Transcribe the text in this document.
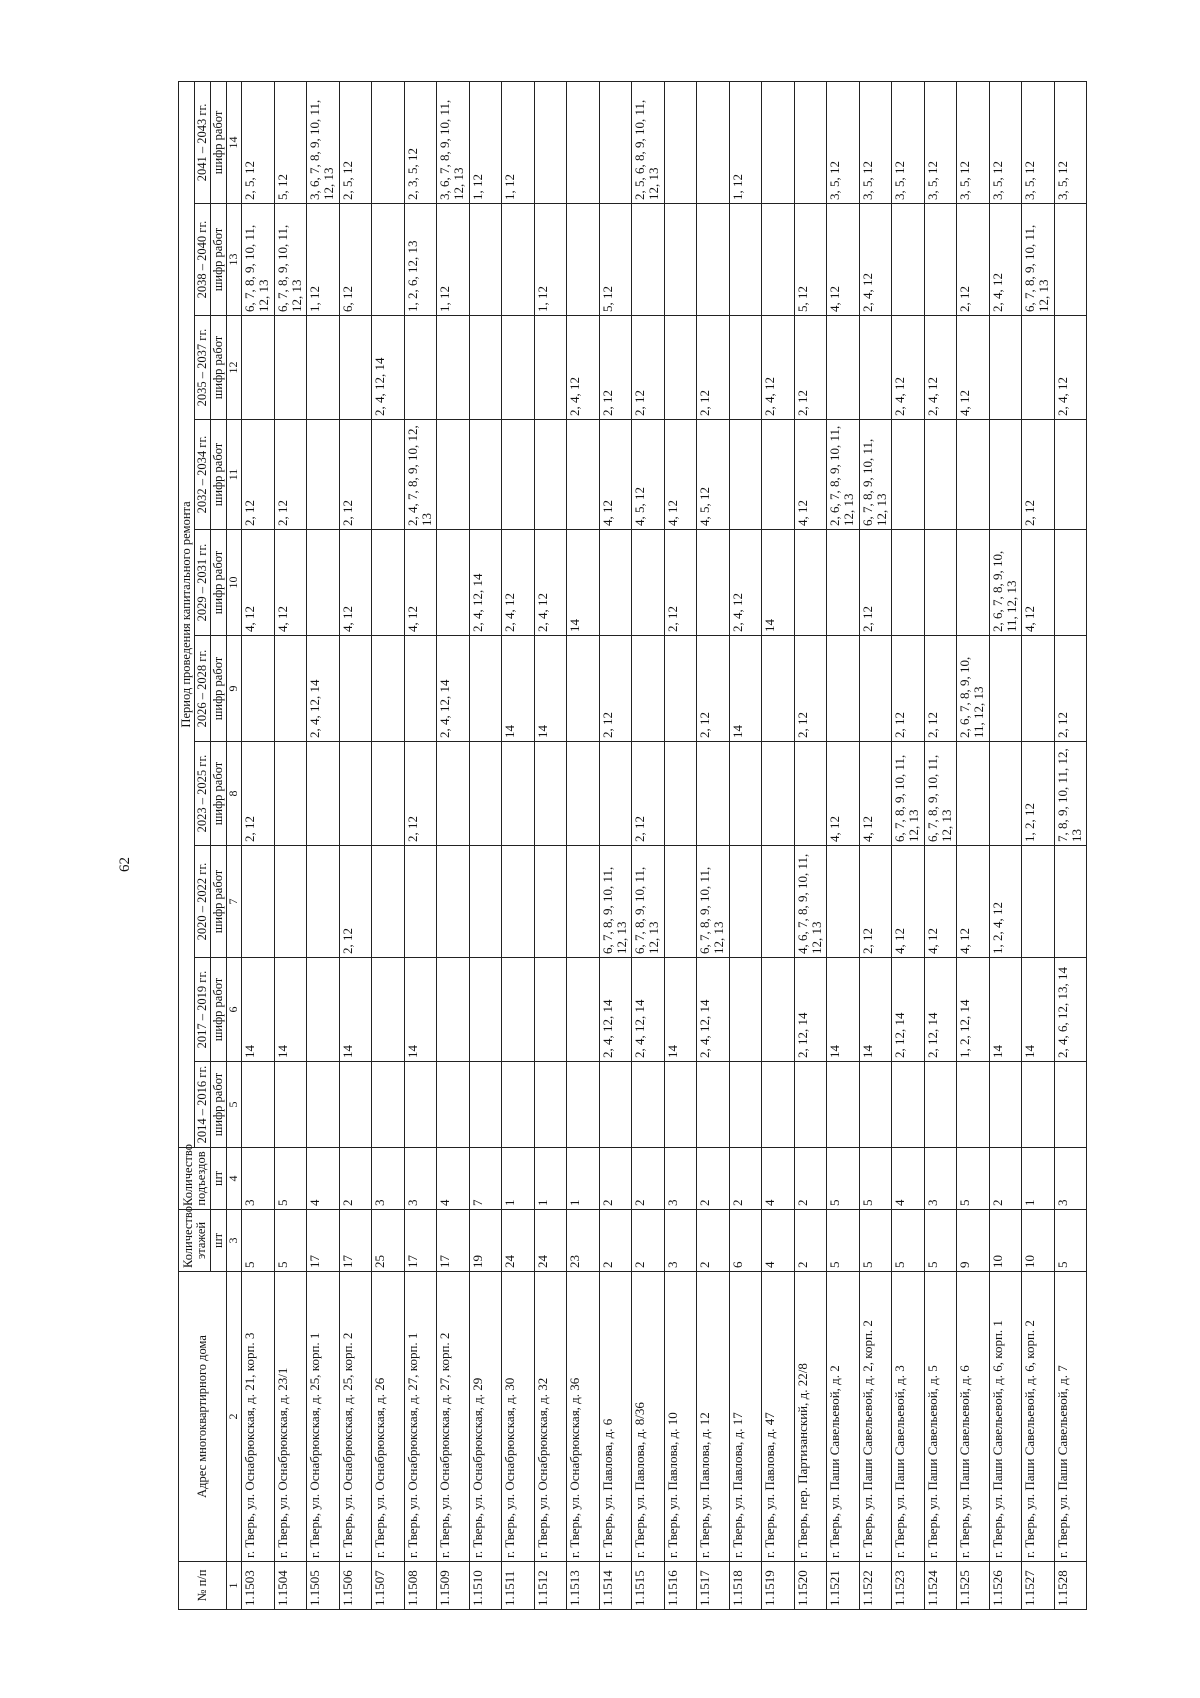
62
№ п/п	Адрес многоквартирного дома	Количество этажей	Количество подъездов	Период проведения капитального ремонта									
				2014 – 2016 гг.	2017 – 2019 гг.	2020 – 2022 гг.	2023 – 2025 гг.	2026 – 2028 гг.	2029 – 2031 гг.	2032 – 2034 гг.	2035 – 2037 гг.	2038 – 2040 гг.	2041 – 2043 гг.
		шт	шт	шифр работ	шифр работ	шифр работ	шифр работ	шифр работ	шифр работ	шифр работ	шифр работ	шифр работ	шифр работ
1	2	3	4	5	6	7	8	9	10	11	12	13	14
1.1503	г. Тверь, ул. Оснабрюкская, д. 21, корп. 3	5	3		14		2, 12		4, 12	2, 12		6, 7, 8, 9, 10, 11, 12, 13	2, 5, 12
1.1504	г. Тверь, ул. Оснабрюкская, д. 23/1	5	5		14				4, 12	2, 12		6, 7, 8, 9, 10, 11, 12, 13	5, 12
1.1505	г. Тверь, ул. Оснабрюкская, д. 25, корп. 1	17	4					2, 4, 12, 14				1, 12	3, 6, 7, 8, 9, 10, 11, 12, 13
1.1506	г. Тверь, ул. Оснабрюкская, д. 25, корп. 2	17	2		14	2, 12			4, 12	2, 12		6, 12	2, 5, 12
1.1507	г. Тверь, ул. Оснабрюкская, д. 26	25	3								2, 4, 12, 14		
1.1508	г. Тверь, ул. Оснабрюкская, д. 27, корп. 1	17	3		14		2, 12		4, 12	2, 4, 7, 8, 9, 10, 12, 13		1, 2, 6, 12, 13	2, 3, 5, 12
1.1509	г. Тверь, ул. Оснабрюкская, д. 27, корп. 2	17	4					2, 4, 12, 14				1, 12	3, 6, 7, 8, 9, 10, 11, 12, 13
1.1510	г. Тверь, ул. Оснабрюкская, д. 29	19	7						2, 4, 12, 14				1, 12
1.1511	г. Тверь, ул. Оснабрюкская, д. 30	24	1					14	2, 4, 12				1, 12
1.1512	г. Тверь, ул. Оснабрюкская, д. 32	24	1					14	2, 4, 12			1, 12	
1.1513	г. Тверь, ул. Оснабрюкская, д. 36	23	1						14		2, 4, 12		
1.1514	г. Тверь, ул. Павлова, д. 6	2	2		2, 4, 12, 14	6, 7, 8, 9, 10, 11, 12, 13		2, 12		4, 12	2, 12	5, 12	
1.1515	г. Тверь, ул. Павлова, д. 8/36	2	2		2, 4, 12, 14	6, 7, 8, 9, 10, 11, 12, 13	2, 12			4, 5, 12	2, 12		2, 5, 6, 8, 9, 10, 11, 12, 13
1.1516	г. Тверь, ул. Павлова, д. 10	3	3		14				2, 12	4, 12			
1.1517	г. Тверь, ул. Павлова, д. 12	2	2		2, 4, 12, 14	6, 7, 8, 9, 10, 11, 12, 13		2, 12		4, 5, 12	2, 12		
1.1518	г. Тверь, ул. Павлова, д. 17	6	2					14	2, 4, 12				1, 12
1.1519	г. Тверь, ул. Павлова, д. 47	4	4						14		2, 4, 12		
1.1520	г. Тверь, пер. Партизанский, д. 22/8	2	2		2, 12, 14	4, 6, 7, 8, 9, 10, 11, 12, 13		2, 12		4, 12	2, 12	5, 12	
1.1521	г. Тверь, ул. Паши Савельевой, д. 2	5	5		14		4, 12			2, 6, 7, 8, 9, 10, 11, 12, 13		4, 12	3, 5, 12
1.1522	г. Тверь, ул. Паши Савельевой, д. 2, корп. 2	5	5		14	2, 12	4, 12		2, 12	6, 7, 8, 9, 10, 11, 12, 13		2, 4, 12	3, 5, 12
1.1523	г. Тверь, ул. Паши Савельевой, д. 3	5	4		2, 12, 14	4, 12	6, 7, 8, 9, 10, 11, 12, 13	2, 12			2, 4, 12		3, 5, 12
1.1524	г. Тверь, ул. Паши Савельевой, д. 5	5	3		2, 12, 14	4, 12	6, 7, 8, 9, 10, 11, 12, 13	2, 12			2, 4, 12		3, 5, 12
1.1525	г. Тверь, ул. Паши Савельевой, д. 6	9	5		1, 2, 12, 14	4, 12		2, 6, 7, 8, 9, 10, 11, 12, 13			4, 12	2, 12	3, 5, 12
1.1526	г. Тверь, ул. Паши Савельевой, д. 6, корп. 1	10	2		14	1, 2, 4, 12			2, 6, 7, 8, 9, 10, 11, 12, 13			2, 4, 12	3, 5, 12
1.1527	г. Тверь, ул. Паши Савельевой, д. 6, корп. 2	10	1		14		1, 2, 12		4, 12	2, 12		6, 7, 8, 9, 10, 11, 12, 13	3, 5, 12
1.1528	г. Тверь, ул. Паши Савельевой, д. 7	5	3		2, 4, 6, 12, 13, 14		7, 8, 9, 10, 11, 12, 13	2, 12			2, 4, 12		3, 5, 12
